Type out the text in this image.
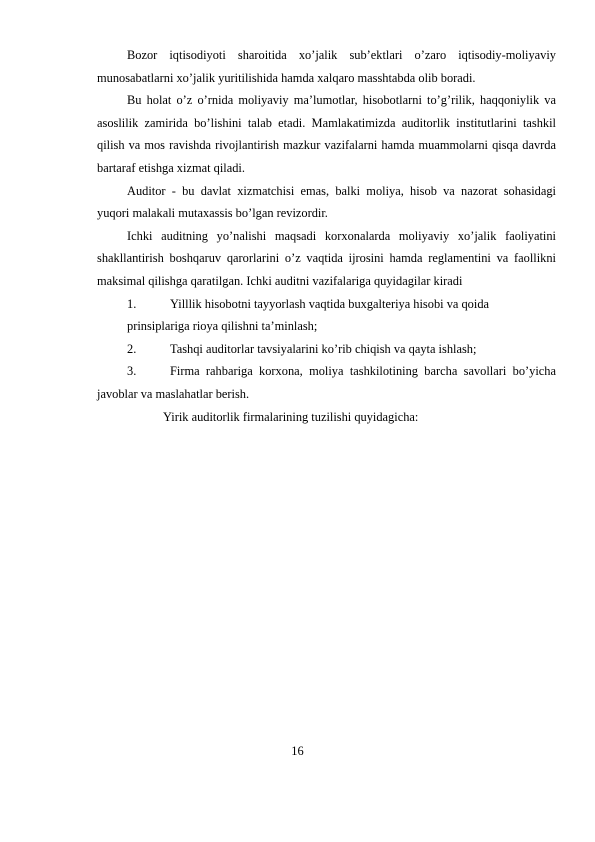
Bozor iqtisodiyoti sharoitida xo’jalik sub’ektlari o’zaro iqtisodiy-moliyaviy munosabatlarni xo’jalik yuritilishida hamda xalqaro masshtabda olib boradi.

Bu holat o’z o’rnida moliyaviy ma’lumotlar, hisobotlarni to’g’rilik, haqqoniylik va asoslilik zamirida bo’lishini talab etadi. Mamlakatimizda auditorlik institutlarini tashkil qilish va mos ravishda rivojlantirish mazkur vazifalarni hamda muammolarni qisqa davrda bartaraf etishga xizmat qiladi.

Auditor - bu davlat xizmatchisi emas, balki moliya, hisob va nazorat sohasidagi yuqori malakali mutaxassis bo’lgan revizordir.

Ichki auditning yo’nalishi maqsadi korxonalarda moliyaviy xo’jalik faoliyatini shakllantirish boshqaruv qarorlarini o’z vaqtida ijrosini hamda reglamentini va faollikni maksimal qilishga qaratilgan. Ichki auditni vazifalariga quyidagilar kiradi

1.	Yilllik hisobotni tayyorlash vaqtida buxgalteriya hisobi va qoida

prinsiplariga rioya qilishni ta’minlash;

2.	Tashqi auditorlar tavsiyalarini ko’rib chiqish va qayta ishlash;

3.	Firma rahbariga korxona, moliya tashkilotining barcha savollari bo’yicha javoblar va maslahatlar berish.

Yirik auditorlik firmalarining tuzilishi quyidagicha:

16
